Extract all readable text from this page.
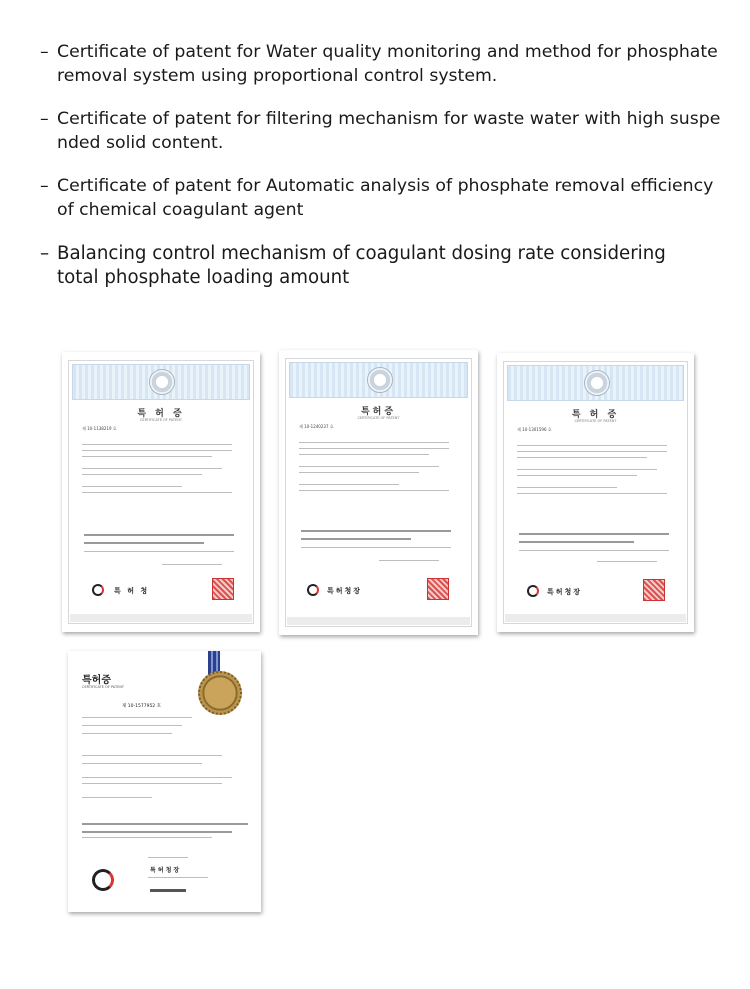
– Certificate of patent for Water quality monitoring and method for phosphate
removal system using proportional control system.
– Certificate of patent for filtering mechanism for waste water with high suspe
nded solid content.
– Certificate of patent for Automatic analysis of phosphate removal efficiency
of chemical coagulant agent
– Balancing control mechanism of coagulant dosing rate considering
total phosphate loading amount
특 허 증
CERTIFICATE OF PATENT
제 10-1138219 호
특 허 청
특허증
CERTIFICATE OF PATENT
제 10-1240237 호
특허청장
특 허 증
CERTIFICATE OF PATENT
제 10-1301596 호
특허청장
특허증
CERTIFICATE OF PATENT
제 10-1577952 호
특허청장
